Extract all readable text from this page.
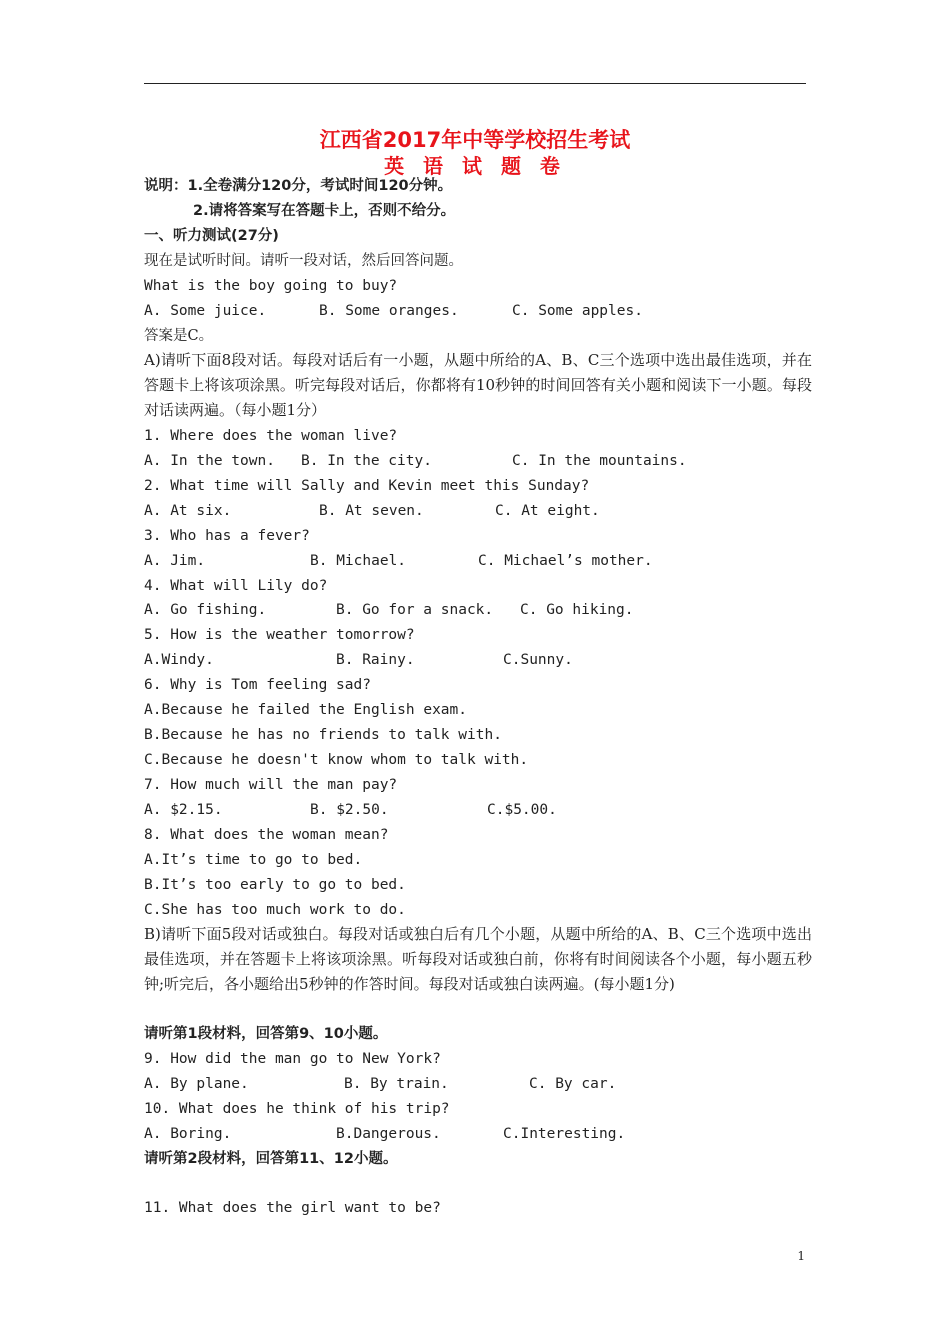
江西省2017年中等学校招生考试
英 语 试 题 卷
说明：1.全卷满分120分，考试时间120分钟。
2.请将答案写在答题卡上，否则不给分。
一、听力测试(27分)
现在是试听时间。请听一段对话，然后回答问题。
What is the boy going to buy?
A. Some juice.	B. Some oranges.	C. Some apples.
答案是C。
A)请听下面8段对话。每段对话后有一小题，从题中所给的A、B、C三个选项中选出最佳选项，并在答题卡上将该项涂黑。听完每段对话后，你都将有10秒钟的时间回答有关小题和阅读下一小题。每段对话读两遍。（每小题1分）
1. Where does the woman live?
A. In the town. B. In the city.	C. In the mountains.
2. What time will Sally and Kevin meet this Sunday?
A. At six.	B. At seven.	C. At eight.
3. Who has a fever?
A. Jim.	B. Michael.	C. Michael’s mother.
4. What will Lily do?
A. Go fishing.	B. Go for a snack. C. Go hiking.
5. How is the weather tomorrow?
A.Windy.	B. Rainy.	C.Sunny.
6. Why is Tom feeling sad?
A.Because he failed the English exam.
B.Because he has no friends to talk with.
C.Because he doesn't know whom to talk with.
7. How much will the man pay?
A. $2.15.	B. $2.50.	C.$5.00.
8. What does the woman mean?
A.It’s time to go to bed.
B.It’s too early to go to bed.
C.She has too much work to do.
B)请听下面5段对话或独白。每段对话或独白后有几个小题，从题中所给的A、B、C三个选项中选出最佳选项，并在答题卡上将该项涂黑。听每段对话或独白前，你将有时间阅读各个小题，每小题五秒钟;听完后，各小题给出5秒钟的作答时间。每段对话或独白读两遍。(每小题1分)
请听第1段材料，回答第9、10小题。
9. How did the man go to New York?
A. By plane.	B. By train.	C. By car.
10. What does he think of his trip?
A. Boring.	B.Dangerous.	C.Interesting.
请听第2段材料，回答第11、12小题。
11. What does the girl want to be?
1
